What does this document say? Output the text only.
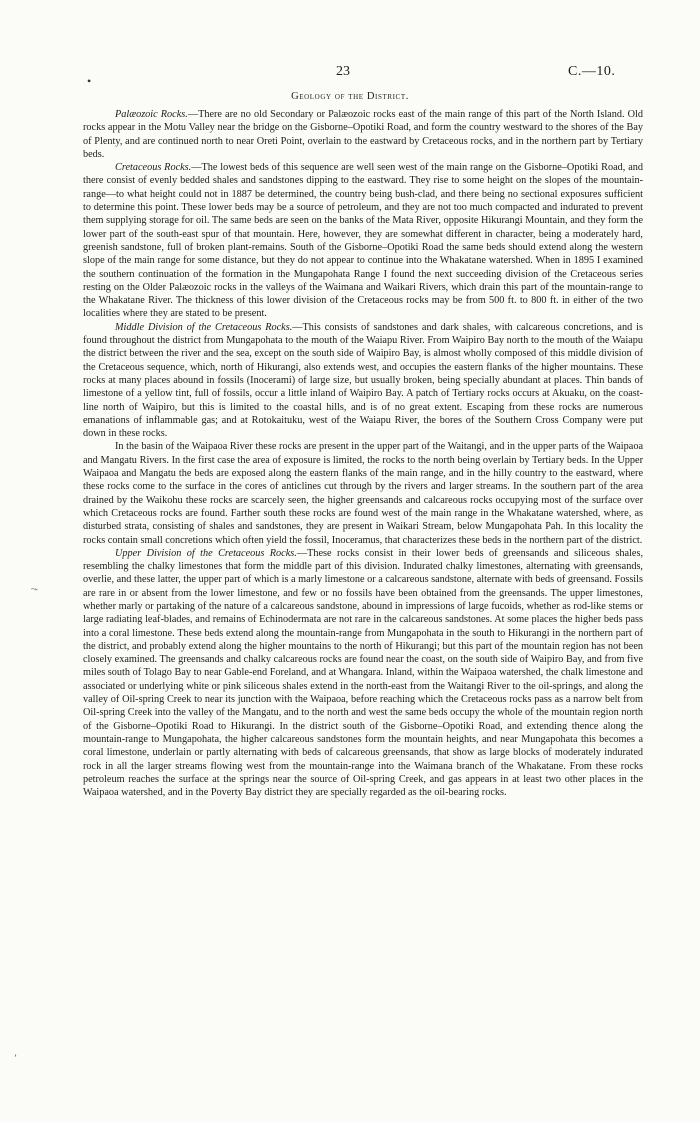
•
~-
’
23	C.—10.
Geology of the District.

Palæozoic Rocks.—There are no old Secondary or Palæozoic rocks east of the main range of this part of the North Island. Old rocks appear in the Motu Valley near the bridge on the Gisborne–Opotiki Road, and form the country westward to the shores of the Bay of Plenty, and are continued north to near Oreti Point, overlain to the eastward by Cretaceous rocks, and in the northern part by Tertiary beds.

Cretaceous Rocks.—The lowest beds of this sequence are well seen west of the main range on the Gisborne–Opotiki Road, and there consist of evenly bedded shales and sandstones dipping to the eastward. They rise to some height on the slopes of the mountain-range—to what height could not in 1887 be determined, the country being bush-clad, and there being no sectional exposures sufficient to determine this point. These lower beds may be a source of petroleum, and they are not too much compacted and indurated to prevent them supplying storage for oil. The same beds are seen on the banks of the Mata River, opposite Hikurangi Mountain, and they form the lower part of the south-east spur of that mountain. Here, however, they are somewhat different in character, being a moderately hard, greenish sandstone, full of broken plant-remains. South of the Gisborne–Opotiki Road the same beds should extend along the western slope of the main range for some distance, but they do not appear to continue into the Whakatane watershed. When in 1895 I examined the southern continuation of the formation in the Mungapohata Range I found the next succeeding division of the Cretaceous series resting on the Older Palæozoic rocks in the valleys of the Waimana and Waikari Rivers, which drain this part of the mountain-range to the Whakatane River. The thickness of this lower division of the Cretaceous rocks may be from 500 ft. to 800 ft. in either of the two localities where they are stated to be present.

Middle Division of the Cretaceous Rocks.—This consists of sandstones and dark shales, with calcareous concretions, and is found throughout the district from Mungapohata to the mouth of the Waiapu River. From Waipiro Bay north to the mouth of the Waiapu the district between the river and the sea, except on the south side of Waipiro Bay, is almost wholly composed of this middle division of the Cretaceous sequence, which, north of Hikurangi, also extends west, and occupies the eastern flanks of the higher mountains. These rocks at many places abound in fossils (Inocerami) of large size, but usually broken, being specially abundant at places. Thin bands of limestone of a yellow tint, full of fossils, occur a little inland of Waipiro Bay. A patch of Tertiary rocks occurs at Akuaku, on the coast-line north of Waipiro, but this is limited to the coastal hills, and is of no great extent. Escaping from these rocks are numerous emanations of inflammable gas; and at Rotokaituku, west of the Waiapu River, the bores of the Southern Cross Company were put down in these rocks.

In the basin of the Waipaoa River these rocks are present in the upper part of the Waitangi, and in the upper parts of the Waipaoa and Mangatu Rivers. In the first case the area of exposure is limited, the rocks to the north being overlain by Tertiary beds. In the Upper Waipaoa and Mangatu the beds are exposed along the eastern flanks of the main range, and in the hilly country to the eastward, where these rocks come to the surface in the cores of anticlines cut through by the rivers and larger streams. In the southern part of the area drained by the Waikohu these rocks are scarcely seen, the higher greensands and calcareous rocks occupying most of the surface over which Cretaceous rocks are found. Farther south these rocks are found west of the main range in the Whakatane watershed, where, as disturbed strata, consisting of shales and sandstones, they are present in Waikari Stream, below Mungapohata Pah. In this locality the rocks contain small concretions which often yield the fossil, Inoceramus, that characterizes these beds in the northern part of the district.

Upper Division of the Cretaceous Rocks.—These rocks consist in their lower beds of greensands and siliceous shales, resembling the chalky limestones that form the middle part of this division. Indurated chalky limestones, alternating with greensands, overlie, and these latter, the upper part of which is a marly limestone or a calcareous sandstone, alternate with beds of greensand. Fossils are rare in or absent from the lower limestone, and few or no fossils have been obtained from the greensands. The upper limestones, whether marly or partaking of the nature of a calcareous sandstone, abound in impressions of large fucoids, whether as rod-like stems or large radiating leaf-blades, and remains of Echinodermata are not rare in the calcareous sandstones. At some places the higher beds pass into a coral limestone. These beds extend along the mountain-range from Mungapohata in the south to Hikurangi in the northern part of the district, and probably extend along the higher mountains to the north of Hikurangi; but this part of the mountain region has not been closely examined. The greensands and chalky calcareous rocks are found near the coast, on the south side of Waipiro Bay, and from five miles south of Tolago Bay to near Gable-end Foreland, and at Whangara. Inland, within the Waipaoa watershed, the chalk limestone and associated or underlying white or pink siliceous shales extend in the north-east from the Waitangi River to the oil-springs, and along the valley of Oil-spring Creek to near its junction with the Waipaoa, before reaching which the Cretaceous rocks pass as a narrow belt from Oil-spring Creek into the valley of the Mangatu, and to the north and west the same beds occupy the whole of the mountain region north of the Gisborne–Opotiki Road to Hikurangi. In the district south of the Gisborne–Opotiki Road, and extending thence along the mountain-range to Mungapohata, the higher calcareous sandstones form the mountain heights, and near Mungapohata this becomes a coral limestone, underlain or partly alternating with beds of calcareous greensands, that show as large blocks of moderately indurated rock in all the larger streams flowing west from the mountain-range into the Waimana branch of the Whakatane. From these rocks petroleum reaches the surface at the springs near the source of Oil-spring Creek, and gas appears in at least two other places in the Waipaoa watershed, and in the Poverty Bay district they are specially regarded as the oil-bearing rocks.
